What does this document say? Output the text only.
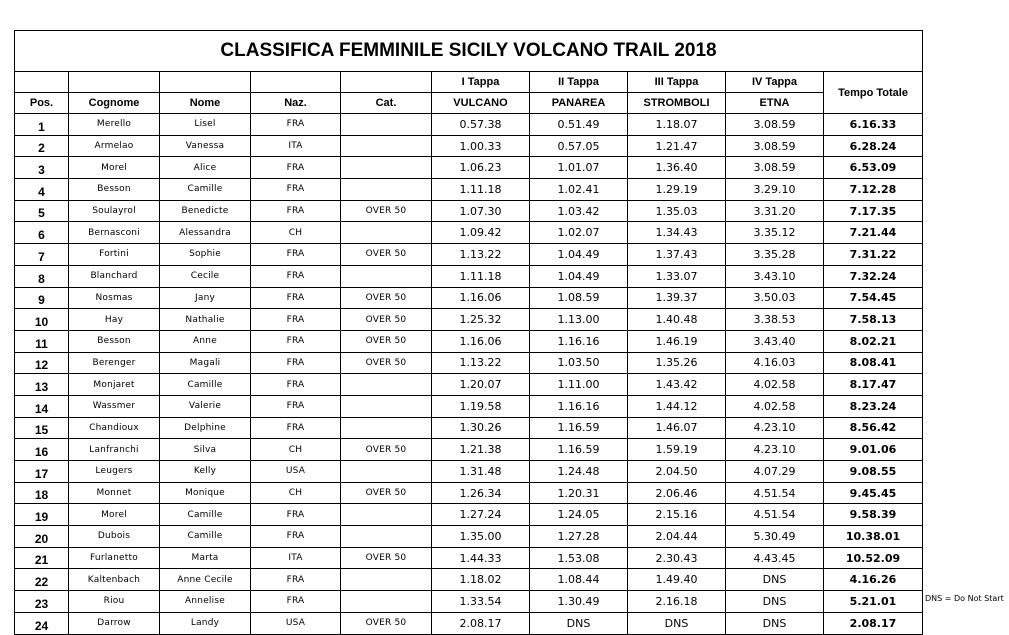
CLASSIFICA FEMMINILE SICILY VOLCANO TRAIL 2018									
					I Tappa	II Tappa	III Tappa	IV Tappa	Tempo Totale
Pos.	Cognome	Nome	Naz.	Cat.	VULCANO	PANAREA	STROMBOLI	ETNA	
1	Merello	Lisel	FRA		0.57.38	0.51.49	1.18.07	3.08.59	6.16.33
2	Armelao	Vanessa	ITA		1.00.33	0.57.05	1.21.47	3.08.59	6.28.24
3	Morel	Alice	FRA		1.06.23	1.01.07	1.36.40	3.08.59	6.53.09
4	Besson	Camille	FRA		1.11.18	1.02.41	1.29.19	3.29.10	7.12.28
5	Soulayrol	Benedicte	FRA	OVER 50	1.07.30	1.03.42	1.35.03	3.31.20	7.17.35
6	Bernasconi	Alessandra	CH		1.09.42	1.02.07	1.34.43	3.35.12	7.21.44
7	Fortini	Sophie	FRA	OVER 50	1.13.22	1.04.49	1.37.43	3.35.28	7.31.22
8	Blanchard	Cecile	FRA		1.11.18	1.04.49	1.33.07	3.43.10	7.32.24
9	Nosmas	Jany	FRA	OVER 50	1.16.06	1.08.59	1.39.37	3.50.03	7.54.45
10	Hay	Nathalie	FRA	OVER 50	1.25.32	1.13.00	1.40.48	3.38.53	7.58.13
11	Besson	Anne	FRA	OVER 50	1.16.06	1.16.16	1.46.19	3.43.40	8.02.21
12	Berenger	Magali	FRA	OVER 50	1.13.22	1.03.50	1.35.26	4.16.03	8.08.41
13	Monjaret	Camille	FRA		1.20.07	1.11.00	1.43.42	4.02.58	8.17.47
14	Wassmer	Valerie	FRA		1.19.58	1.16.16	1.44.12	4.02.58	8.23.24
15	Chandioux	Delphine	FRA		1.30.26	1.16.59	1.46.07	4.23.10	8.56.42
16	Lanfranchi	Silva	CH	OVER 50	1.21.38	1.16.59	1.59.19	4.23.10	9.01.06
17	Leugers	Kelly	USA		1.31.48	1.24.48	2.04.50	4.07.29	9.08.55
18	Monnet	Monique	CH	OVER 50	1.26.34	1.20.31	2.06.46	4.51.54	9.45.45
19	Morel	Camille	FRA		1.27.24	1.24.05	2.15.16	4.51.54	9.58.39
20	Dubois	Camille	FRA		1.35.00	1.27.28	2.04.44	5.30.49	10.38.01
21	Furlanetto	Marta	ITA	OVER 50	1.44.33	1.53.08	2.30.43	4.43.45	10.52.09
22	Kaltenbach	Anne Cecile	FRA		1.18.02	1.08.44	1.49.40	DNS	4.16.26
23	Riou	Annelise	FRA		1.33.54	1.30.49	2.16.18	DNS	5.21.01
24	Darrow	Landy	USA	OVER 50	2.08.17	DNS	DNS	DNS	2.08.17
DNS = Do Not Start
